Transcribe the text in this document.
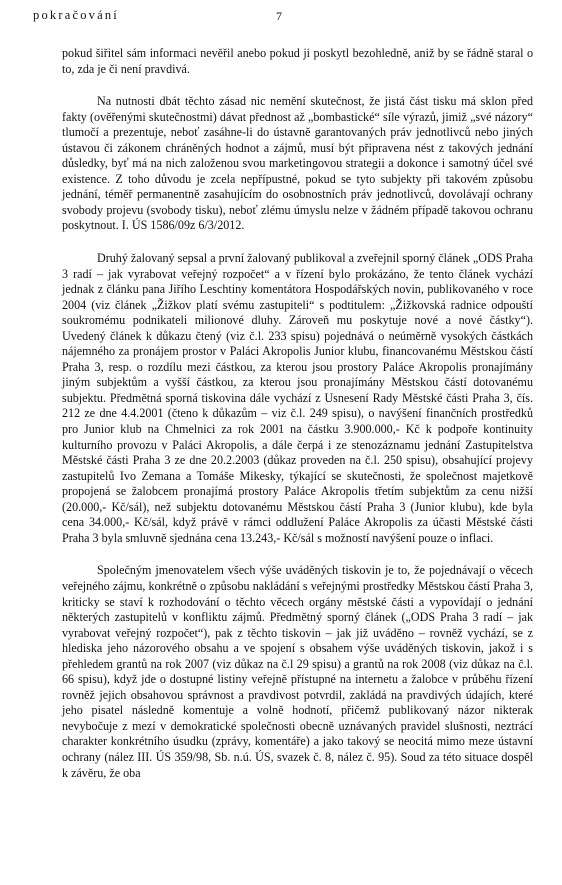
pokračování	7

pokud šiřitel sám informaci nevěřil anebo pokud ji poskytl bezohledně, aniž by se řádně staral o to, zda je či není pravdivá.

Na nutnosti dbát těchto zásad nic nemění skutečnost, že jistá část tisku má sklon před fakty (ověřenými skutečnostmi) dávat přednost až „bombastické“ síle výrazů, jimiž „své názory“ tlumočí a prezentuje, neboť zasáhne-li do ústavně garantovaných práv jednotlivců nebo jiných ústavou či zákonem chráněných hodnot a zájmů, musí být připravena nést z takových jednání důsledky, byť má na nich založenou svou marketingovou strategii a dokonce i samotný účel své existence. Z toho důvodu je zcela nepřípustné, pokud se tyto subjekty při takovém způsobu jednání, téměř permanentně zasahujícím do osobnostních práv jednotlivců, dovolávají ochrany svobody projevu (svobody tisku), neboť zlému úmyslu nelze v žádném případě takovou ochranu poskytnout. I. ÚS 1586/09z 6/3/2012.

Druhý žalovaný sepsal a první žalovaný publikoval a zveřejnil sporný článek „ODS Praha 3 radí – jak vyrabovat veřejný rozpočet“ a v řízení bylo prokázáno, že tento článek vychází jednak z článku pana Jiřího Leschtiny komentátora Hospodářských novin, publikovaného v roce 2004 (viz článek „Žižkov platí svému zastupiteli“ s podtitulem: „Žižkovská radnice odpouští soukromému podnikateli milionové dluhy. Zároveň mu poskytuje nové a nové částky“). Uvedený článek k důkazu čtený (viz č.l. 233 spisu) pojednává o neúměrně vysokých částkách nájemného za pronájem prostor v Paláci Akropolis Junior klubu, financovanému Městskou částí Praha 3, resp. o rozdílu mezi částkou, za kterou jsou prostory Paláce Akropolis pronajímány jiným subjektům a vyšší částkou, za kterou jsou pronajímány Městskou částí dotovanému subjektu. Předmětná sporná tiskovina dále vychází z Usnesení Rady Městské části Praha 3, čís. 212 ze dne 4.4.2001 (čteno k důkazům – viz č.l. 249 spisu), o navýšení finančních prostředků pro Junior klub na Chmelnici za rok 2001 na částku 3.900.000,- Kč k podpoře kontinuity kulturního provozu v Paláci Akropolis, a dále čerpá i ze stenozáznamu jednání Zastupitelstva Městské části Praha 3 ze dne 20.2.2003 (důkaz proveden na č.l. 250 spisu), obsahující projevy zastupitelů Ivo Zemana a Tomáše Mikesky, týkající se skutečnosti, že společnost majetkově propojená se žalobcem pronajímá prostory Paláce Akropolis třetím subjektům za cenu nižší (20.000,- Kč/sál), než subjektu dotovanému Městskou částí Praha 3 (Junior klubu), kde byla cena 34.000,- Kč/sál, když právě v rámci oddlužení Paláce Akropolis za účasti Městské části Praha 3 byla smluvně sjednána cena 13.243,- Kč/sál s možností navýšení pouze o inflaci.

Společným jmenovatelem všech výše uváděných tiskovin je to, že pojednávají o věcech veřejného zájmu, konkrétně o způsobu nakládání s veřejnými prostředky Městskou částí Praha 3, kriticky se staví k rozhodování o těchto věcech orgány městské části a vypovídají o jednání některých zastupitelů v konfliktu zájmů. Předmětný sporný článek („ODS Praha 3 radí – jak vyrabovat veřejný rozpočet“), pak z těchto tiskovin – jak již uváděno – rovněž vychází, se z hlediska jeho názorového obsahu a ve spojení s obsahem výše uváděných tiskovin, jakož i s přehledem grantů na rok 2007 (viz důkaz na č.l 29 spisu) a grantů na rok 2008 (viz důkaz na č.l. 66 spisu), když jde o dostupné listiny veřejně přístupné na internetu a žalobce v průběhu řízení rovněž jejich obsahovou správnost a pravdivost potvrdil, zakládá na pravdivých údajích, které jeho pisatel následně komentuje a volně hodnotí, přičemž publikovaný názor nikterak nevybočuje z mezí v demokratické společnosti obecně uznávaných pravidel slušnosti, neztrácí charakter konkrétního úsudku (zprávy, komentáře) a jako takový se neocitá mimo meze ústavní ochrany (nález III. ÚS 359/98, Sb. n.ú. ÚS, svazek č. 8, nález č. 95). Soud za této situace dospěl k závěru, že oba
